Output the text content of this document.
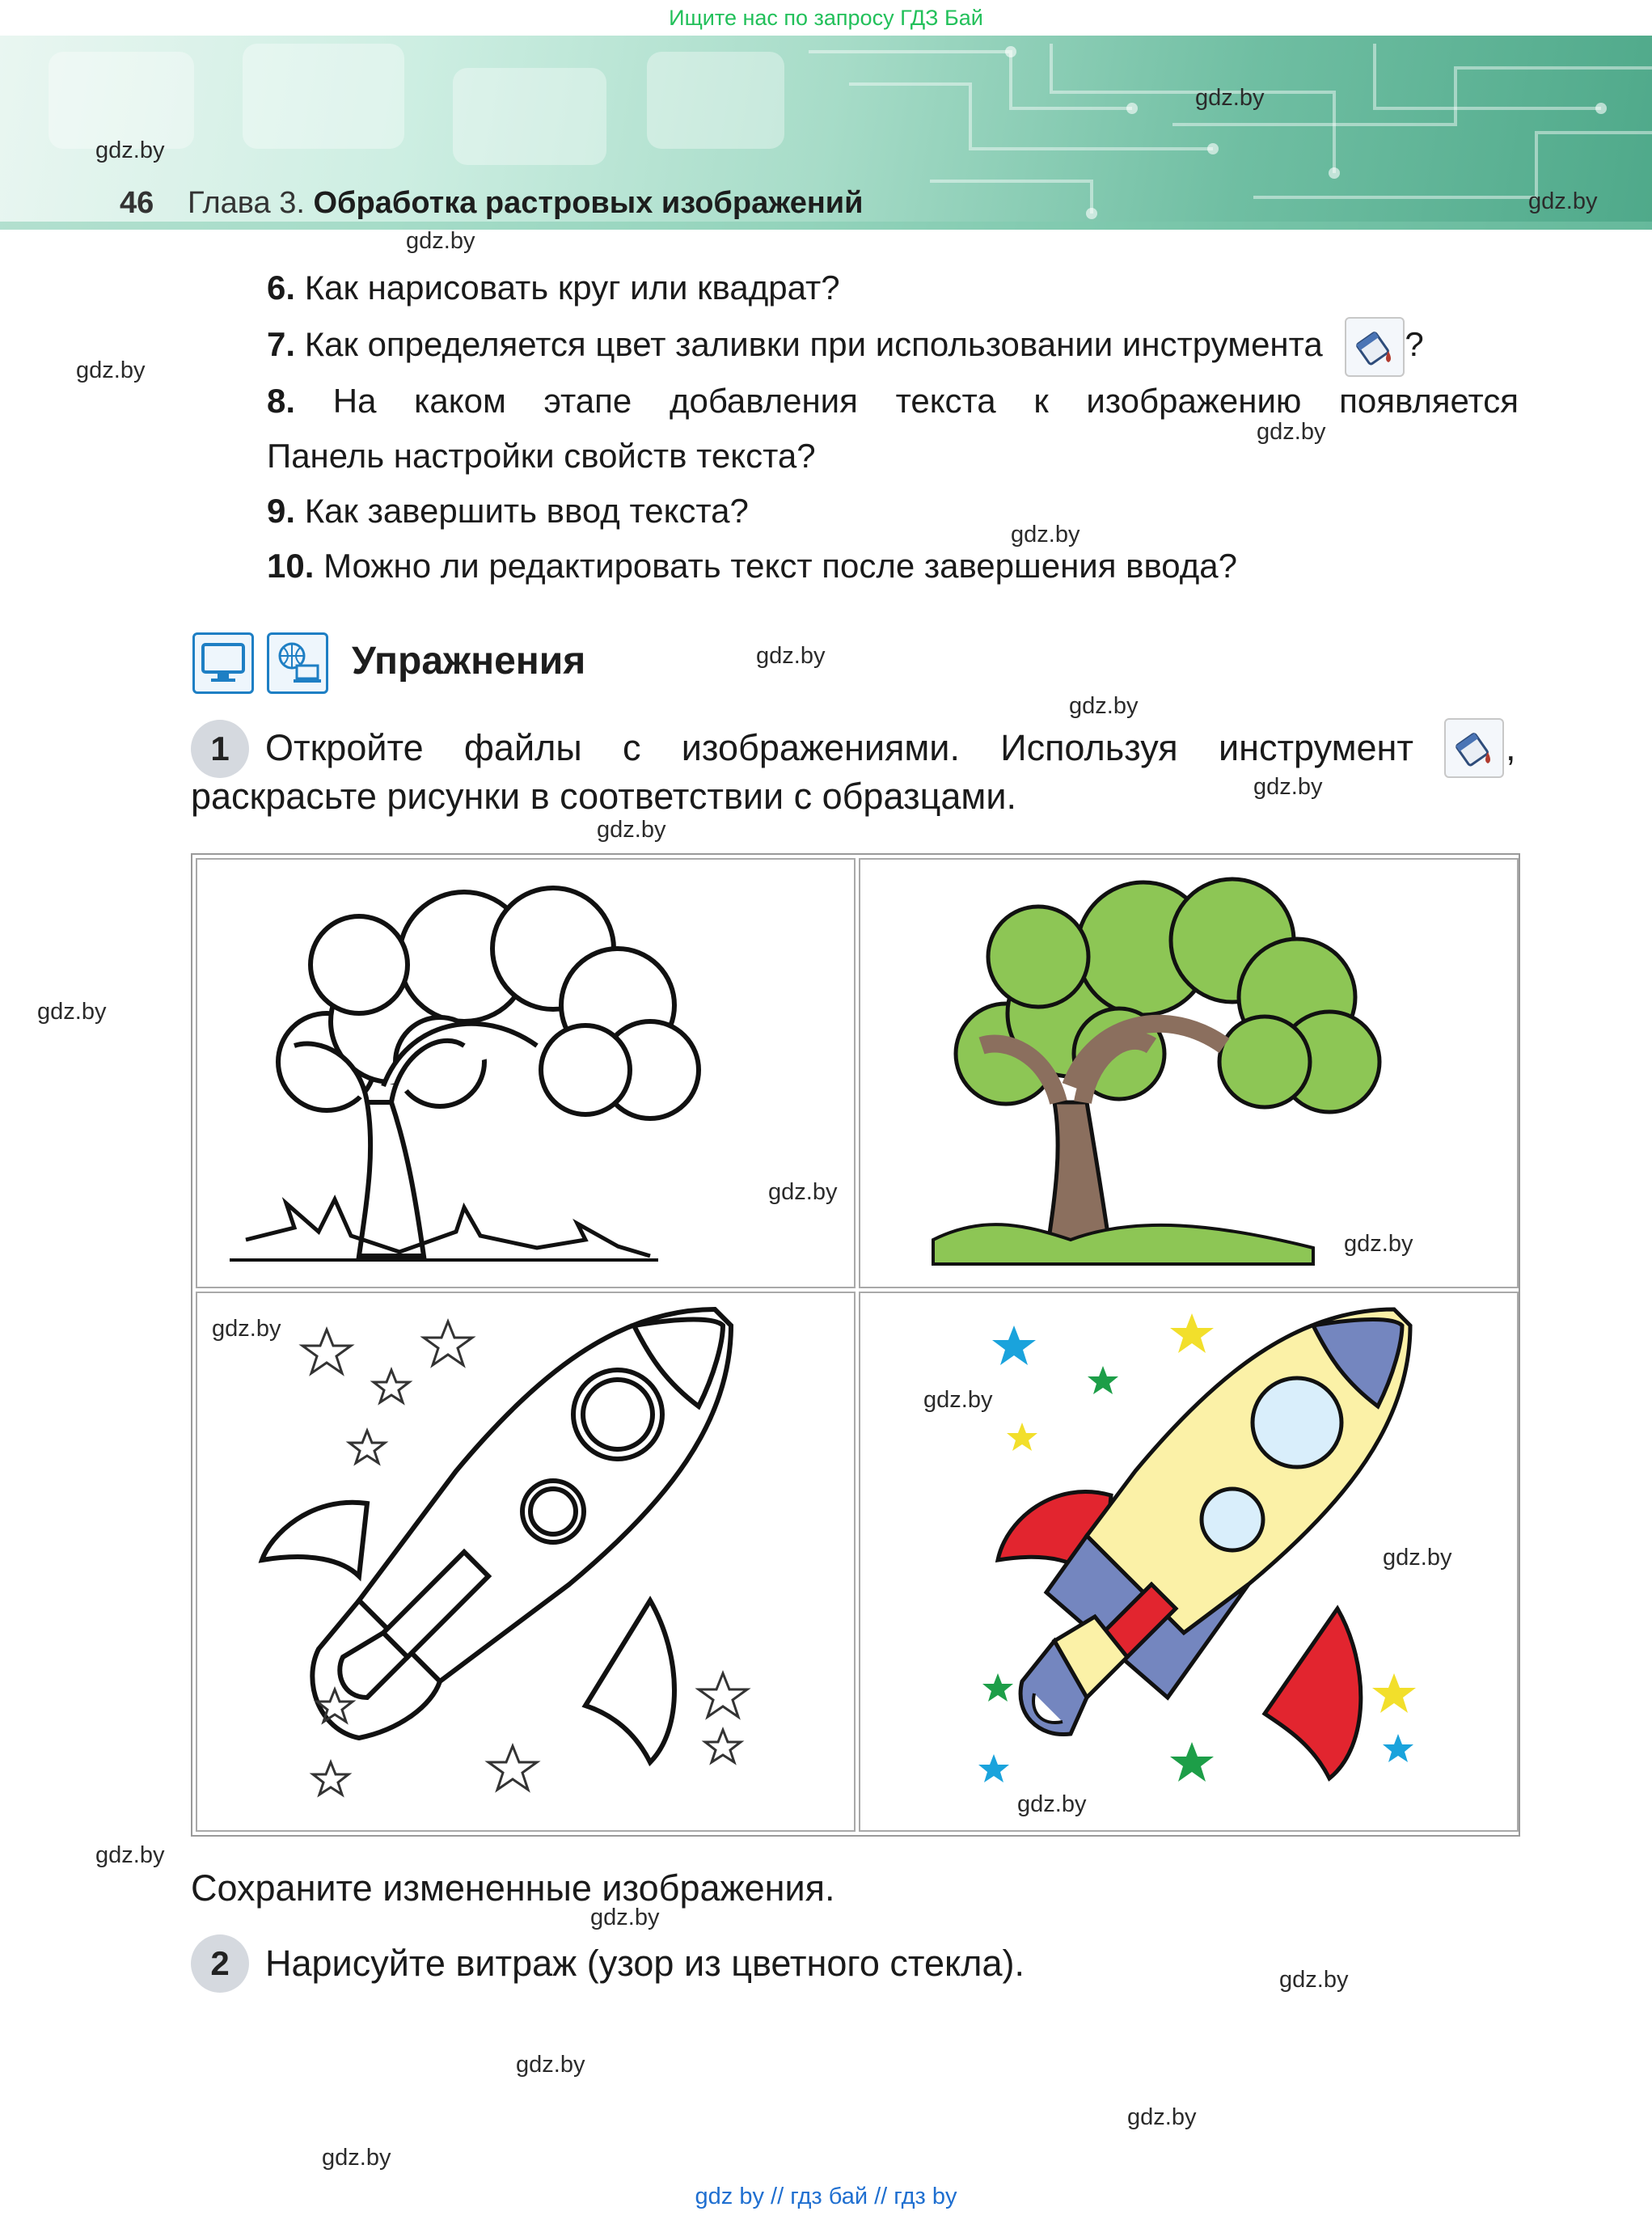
Ищите нас по запросу ГДЗ Бай
46 Глава 3. Обработка растровых изображений
6. Как нарисовать круг или квадрат?
7. Как определяется цвет заливки при использовании инструмента ?
8. На каком этапе добавления текста к изображению появляется
Панель настройки свойств текста?
9. Как завершить ввод текста?
10. Можно ли редактировать текст после завершения ввода?
Упражнения
1 Откройте файлы с изображениями. Используя инструмент	,
раскрасьте рисунки в соответствии с образцами.
Сохраните измененные изображения.
2 Нарисуйте витраж (узор из цветного стекла).
gdz.by
gdz.by
gdz.by
gdz.by
gdz.by
gdz.by
gdz.by
gdz.by
gdz.by
gdz.by
gdz.by
gdz.by
gdz.by
gdz.by
gdz.by
gdz.by
gdz.by
gdz.by
gdz.by
gdz.by
gdz.by
gdz.by
gdz.by
gdz.by
gdz by // гдз бай // гдз by
